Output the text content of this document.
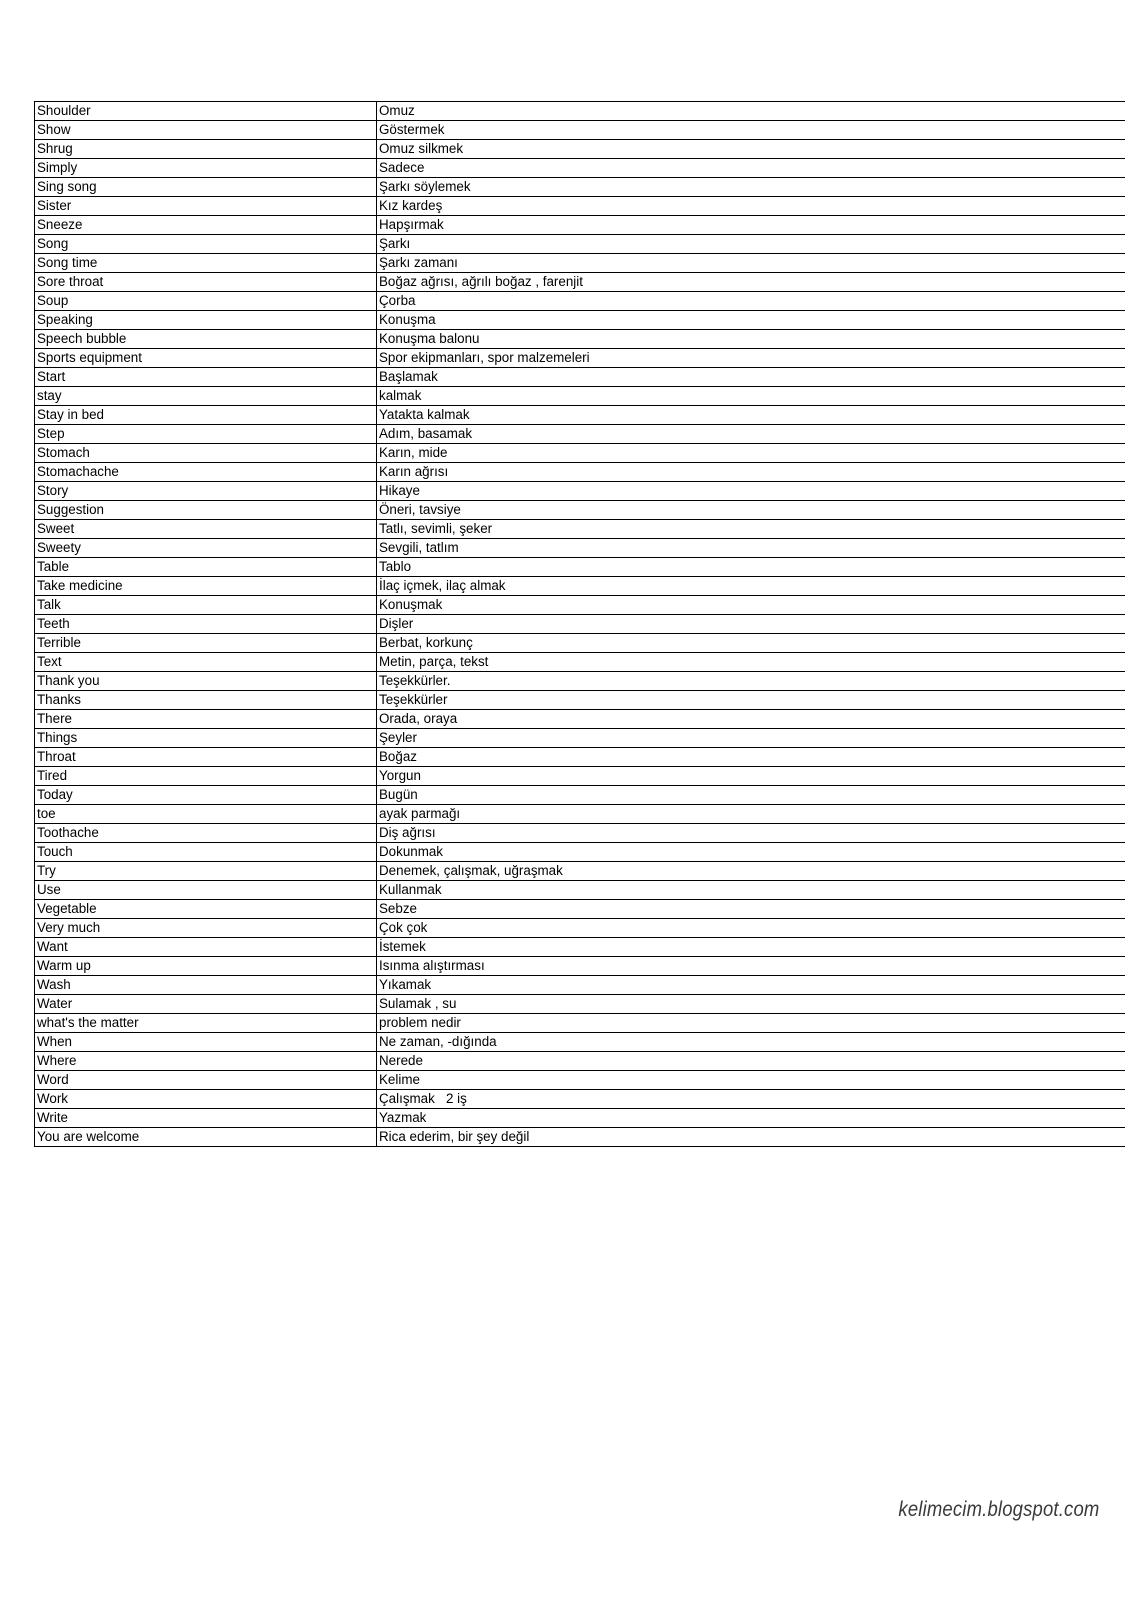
Shoulder	Omuz
Show	Göstermek
Shrug	Omuz silkmek
Simply	Sadece
Sing song	Şarkı söylemek
Sister	Kız kardeş
Sneeze	Hapşırmak
Song	Şarkı
Song time	Şarkı zamanı
Sore throat	Boğaz ağrısı, ağrılı boğaz , farenjit
Soup	Çorba
Speaking	Konuşma
Speech bubble	Konuşma balonu
Sports equipment	Spor ekipmanları, spor malzemeleri
Start	Başlamak
stay	kalmak
Stay in bed	Yatakta kalmak
Step	Adım, basamak
Stomach	Karın, mide
Stomachache	Karın ağrısı
Story	Hikaye
Suggestion	Öneri, tavsiye
Sweet	Tatlı, sevimli, şeker
Sweety	Sevgili, tatlım
Table	Tablo
Take medicine	İlaç içmek, ilaç almak
Talk	Konuşmak
Teeth	Dişler
Terrible	Berbat, korkunç
Text	Metin, parça, tekst
Thank you	Teşekkürler.
Thanks	Teşekkürler
There	Orada, oraya
Things	Şeyler
Throat	Boğaz
Tired	Yorgun
Today	Bugün
toe	ayak parmağı
Toothache	Diş ağrısı
Touch	Dokunmak
Try	Denemek, çalışmak, uğraşmak
Use	Kullanmak
Vegetable	Sebze
Very much	Çok çok
Want	İstemek
Warm up	Isınma alıştırması
Wash	Yıkamak
Water	Sulamak , su
what's the matter	problem nedir
When	Ne zaman, -dığında
Where	Nerede
Word	Kelime
Work	Çalışmak   2 iş
Write	Yazmak
You are welcome	Rica ederim, bir şey değil
kelimecim.blogspot.com
